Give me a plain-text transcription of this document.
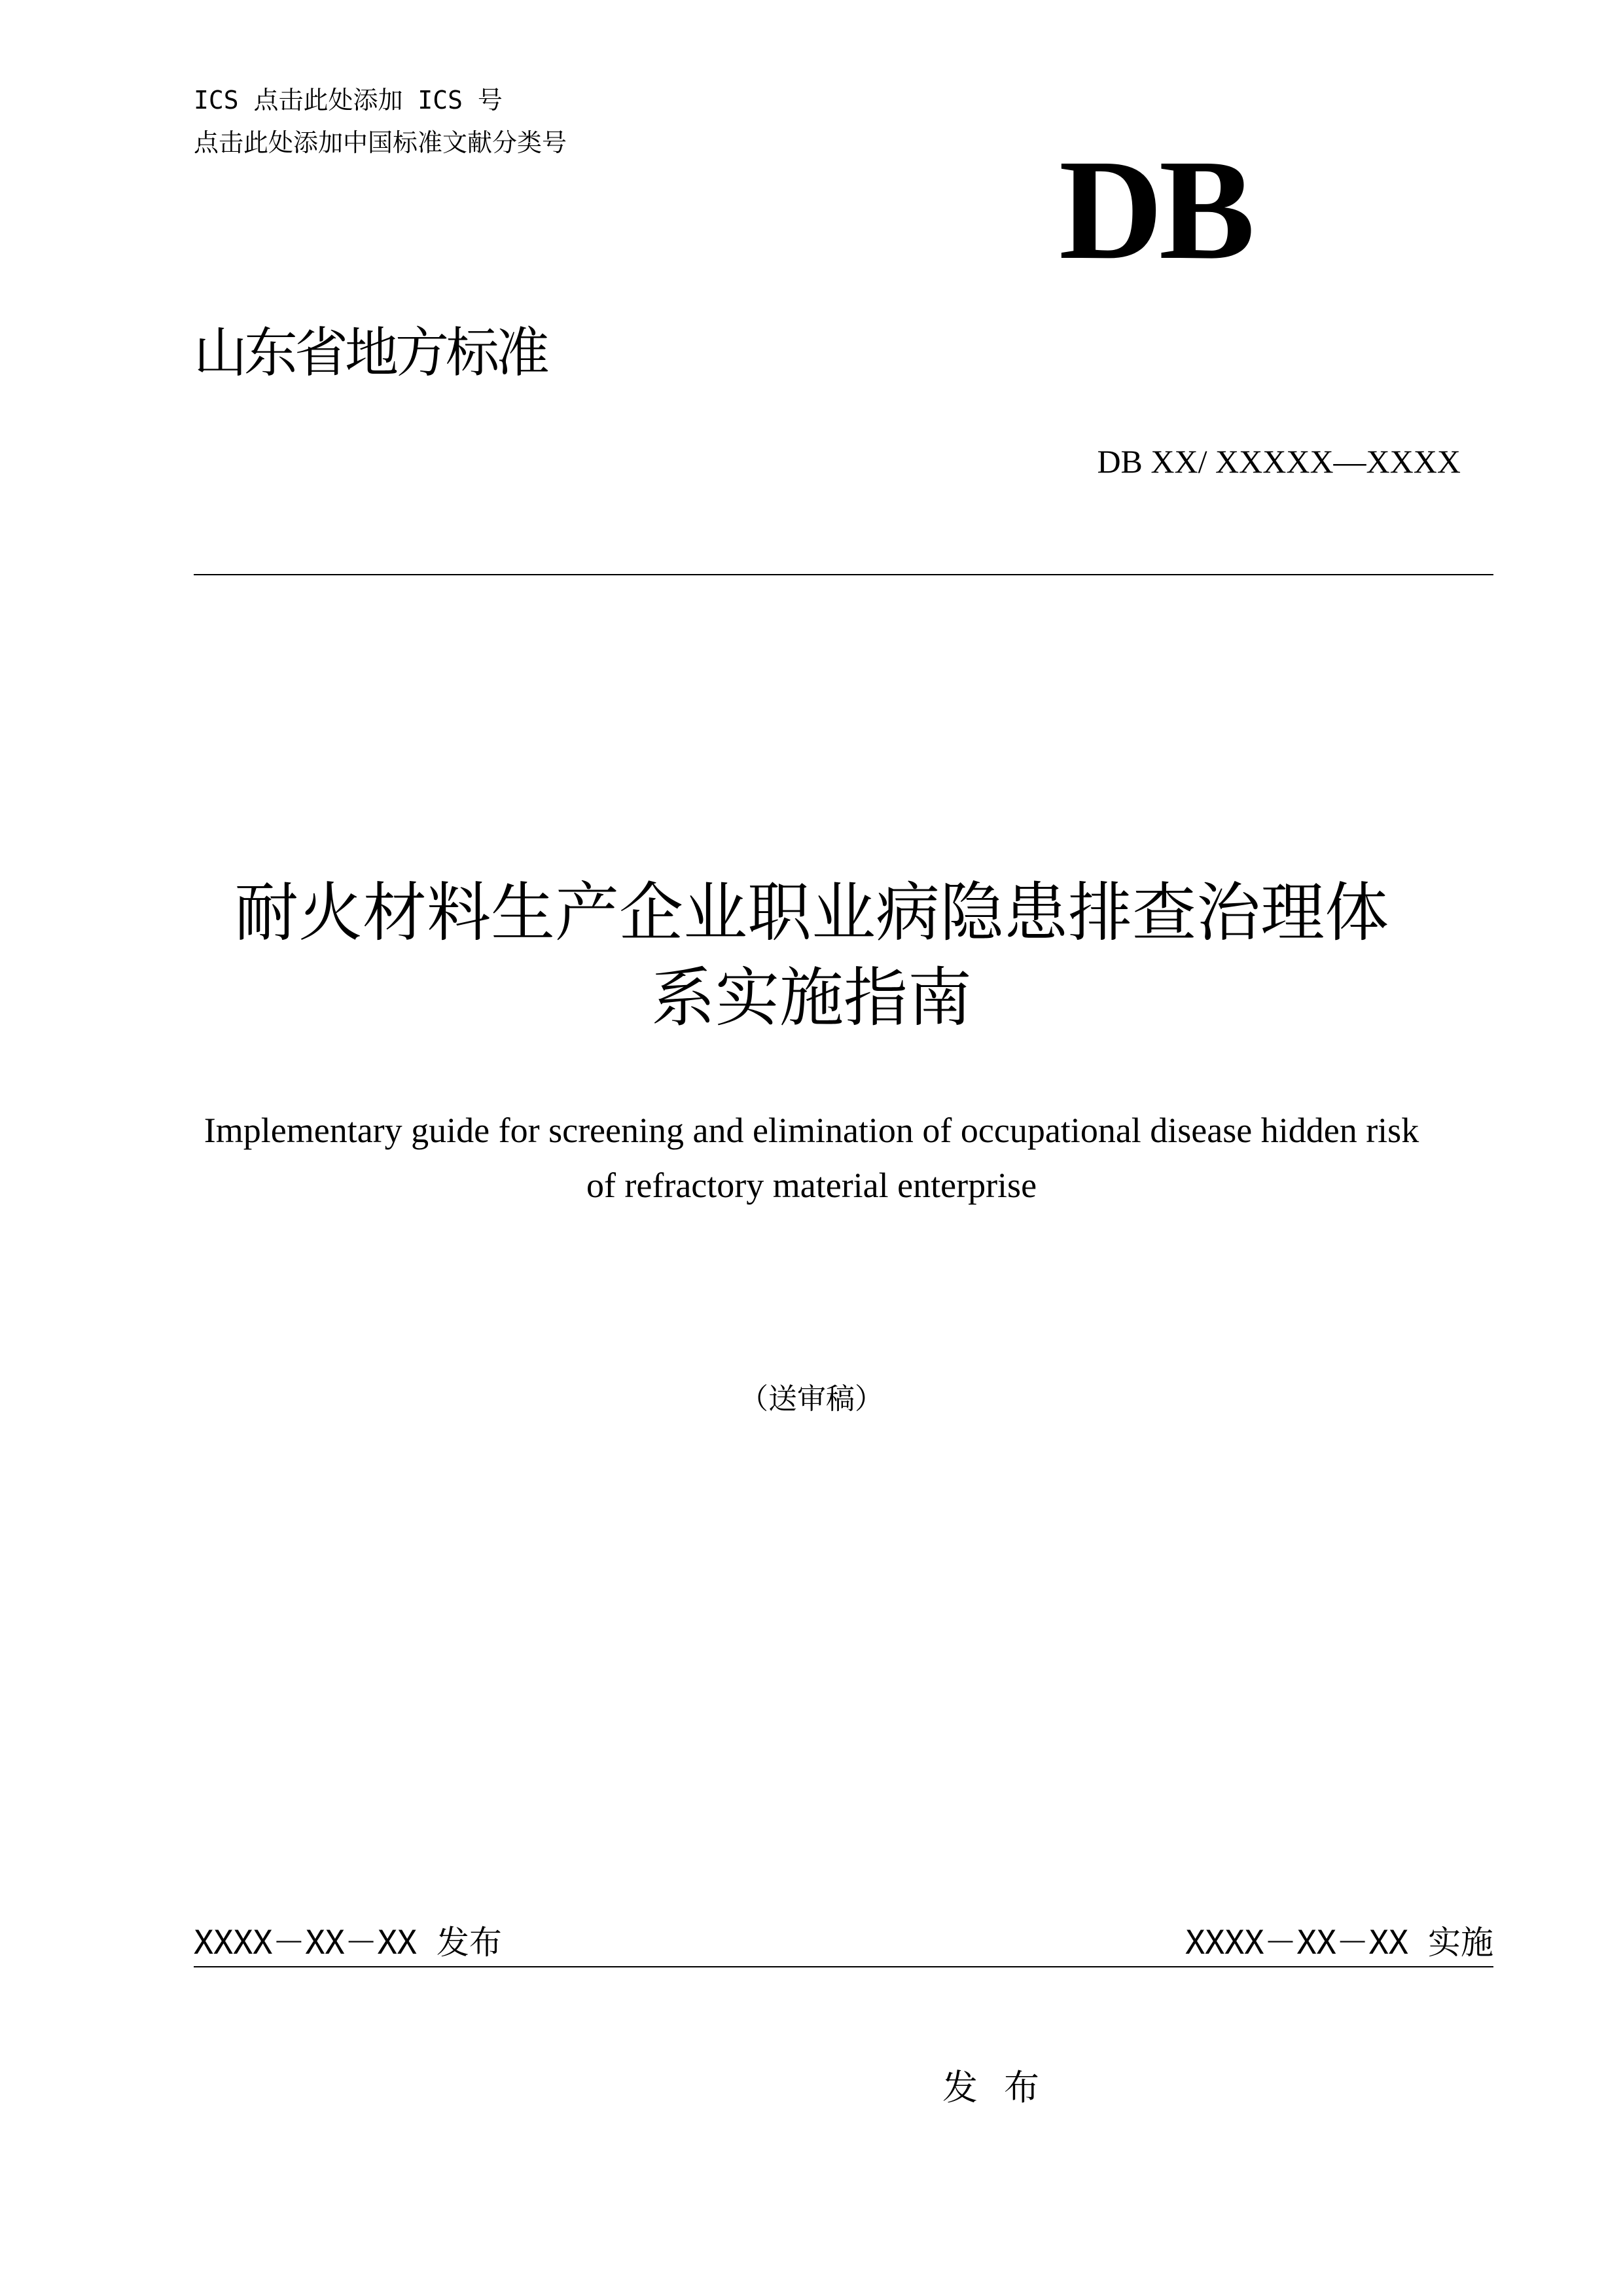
ICS 点击此处添加 ICS 号
点击此处添加中国标准文献分类号	DB
山东省地方标准
DB XX/ XXXXX—XXXX
耐火材料生产企业职业病隐患排查治理体
系实施指南
Implementary guide for screening and elimination of occupational disease hidden risk
of refractory material enterprise
（送审稿）
XXXX－XX－XX 发布	XXXX－XX－XX 实施
发布
